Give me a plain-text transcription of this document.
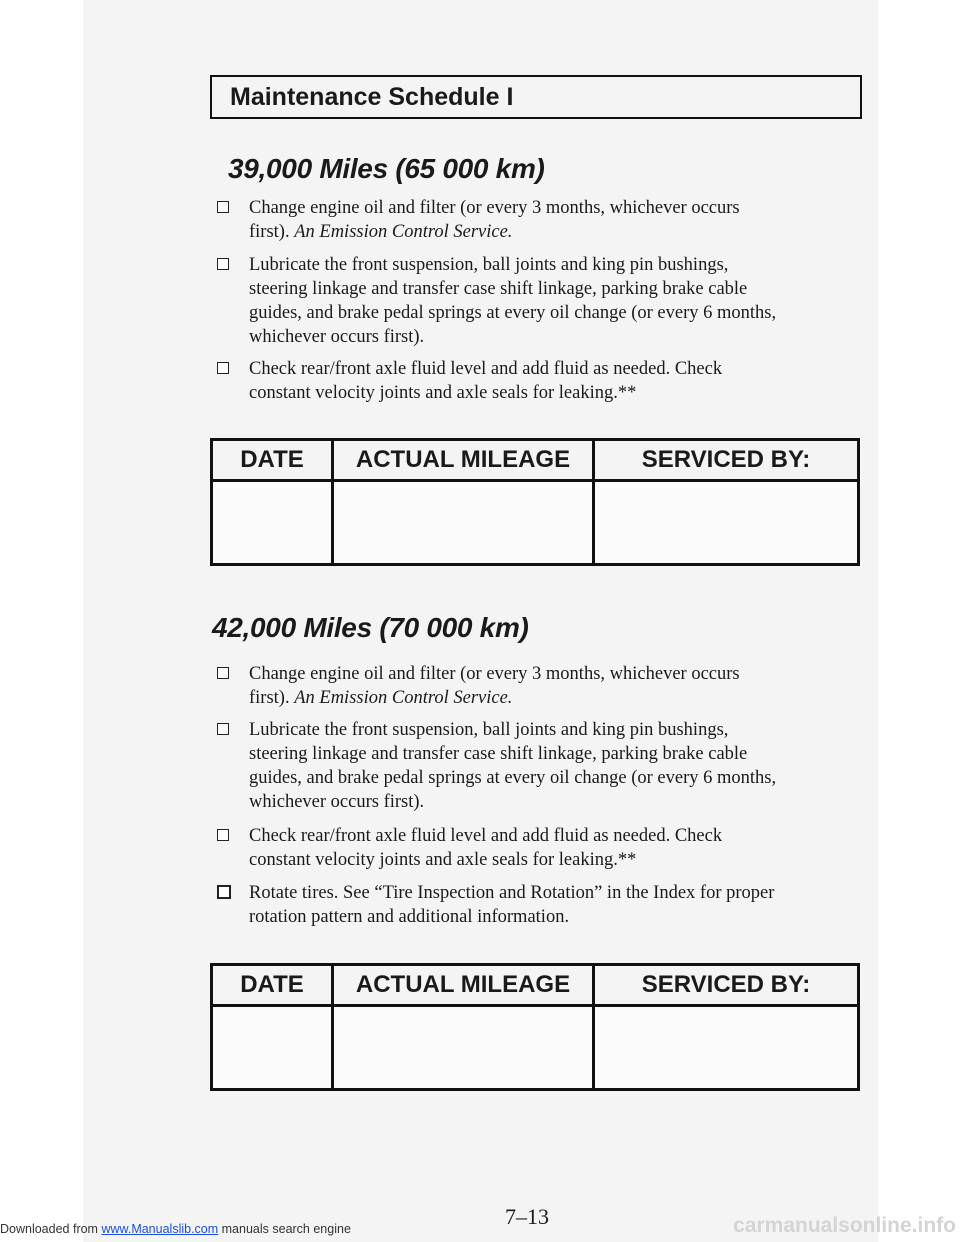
Maintenance Schedule I
39,000 Miles (65 000 km)
Change engine oil and filter (or every 3 months, whichever occurs
first). An Emission Control Service.
Lubricate the front suspension, ball joints and king pin bushings,
steering linkage and transfer case shift linkage, parking brake cable
guides, and brake pedal springs at every oil change (or every 6 months,
whichever occurs first).
Check rear/front axle fluid level and add fluid as needed. Check
constant velocity joints and axle seals for leaking.**
DATE	ACTUAL MILEAGE	SERVICED BY:

42,000 Miles (70 000 km)
Change engine oil and filter (or every 3 months, whichever occurs
first). An Emission Control Service.
Lubricate the front suspension, ball joints and king pin bushings,
steering linkage and transfer case shift linkage, parking brake cable
guides, and brake pedal springs at every oil change (or every 6 months,
whichever occurs first).
Check rear/front axle fluid level and add fluid as needed. Check
constant velocity joints and axle seals for leaking.**
Rotate tires. See “Tire Inspection and Rotation” in the Index for proper
rotation pattern and additional information.
DATE	ACTUAL MILEAGE	SERVICED BY:

7–13
Downloaded from www.Manualslib.com manuals search engine	carmanualsonline.info
